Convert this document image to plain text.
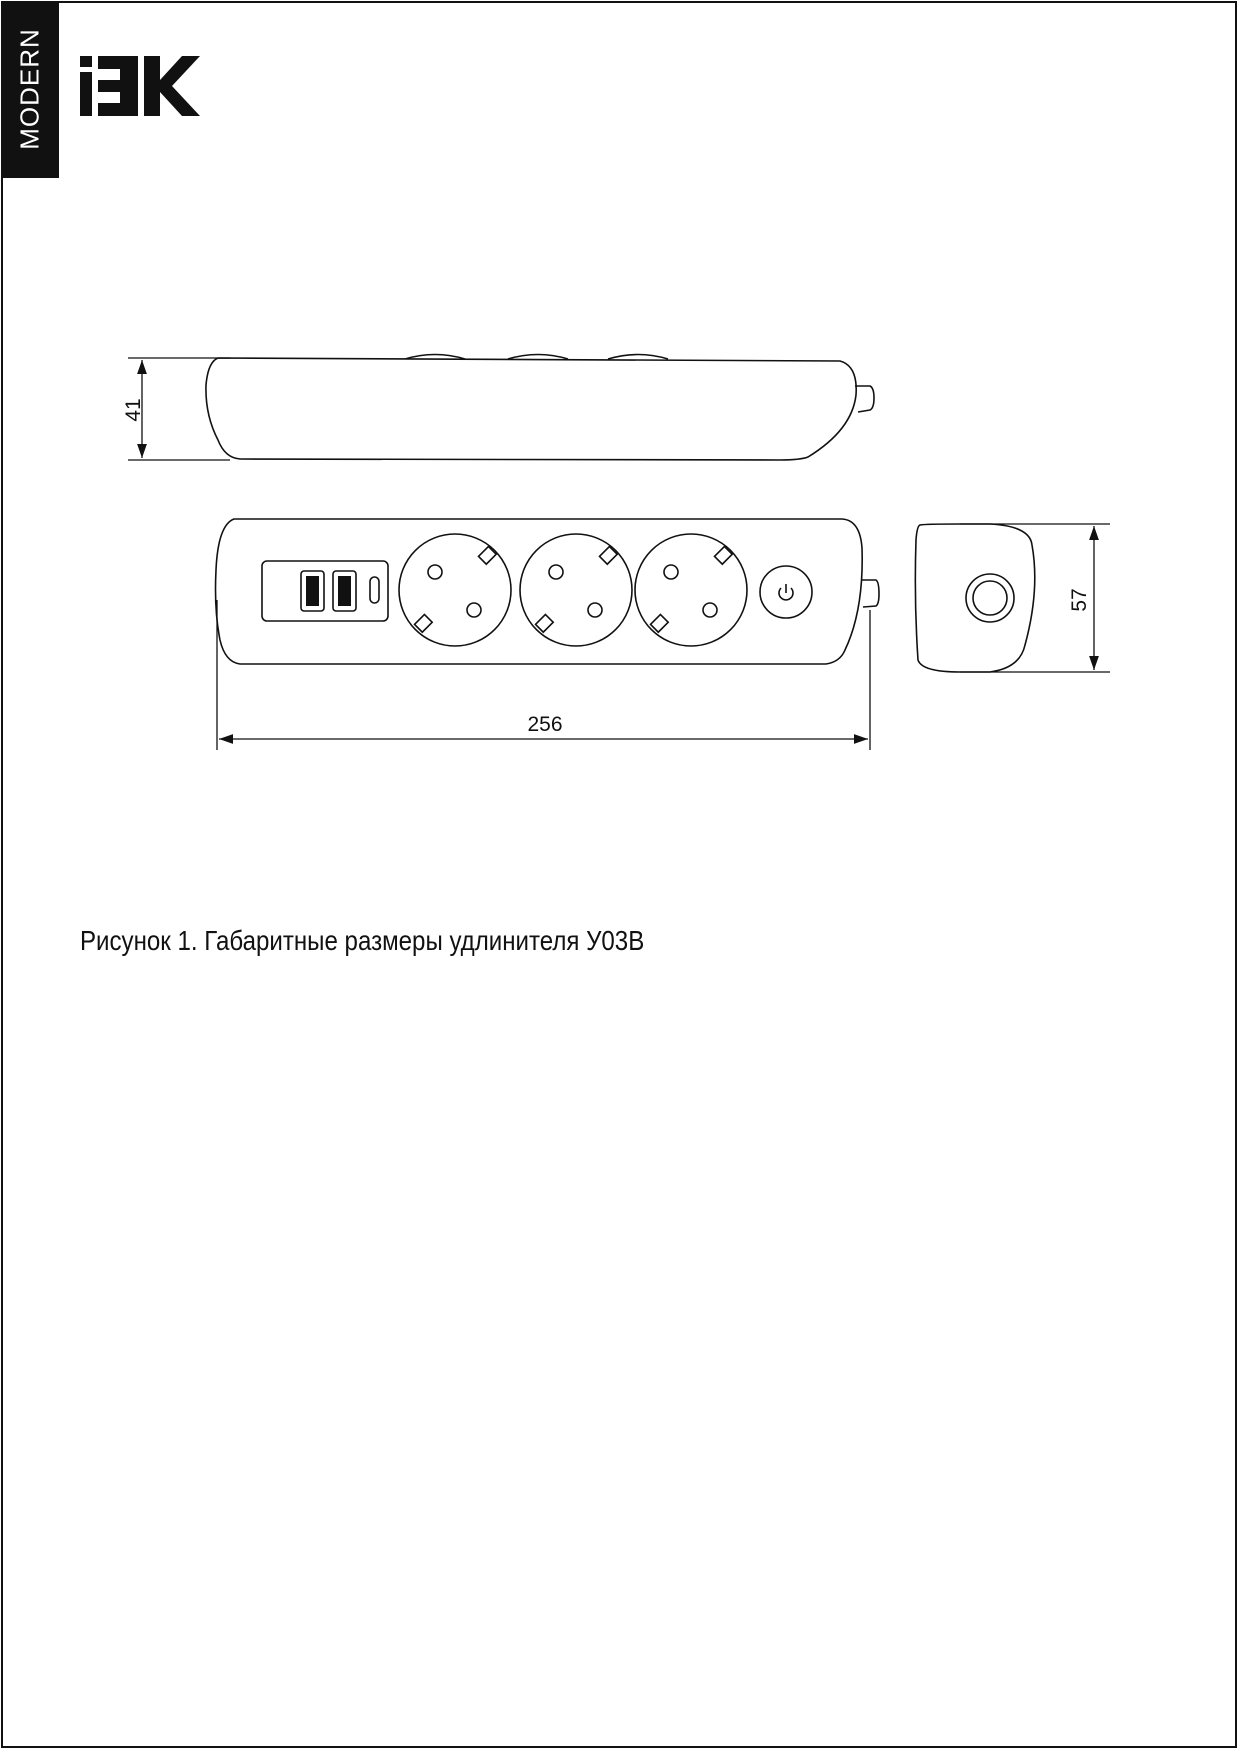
MODERN
41
256
57
Рисунок 1. Габаритные размеры удлинителя У03В
